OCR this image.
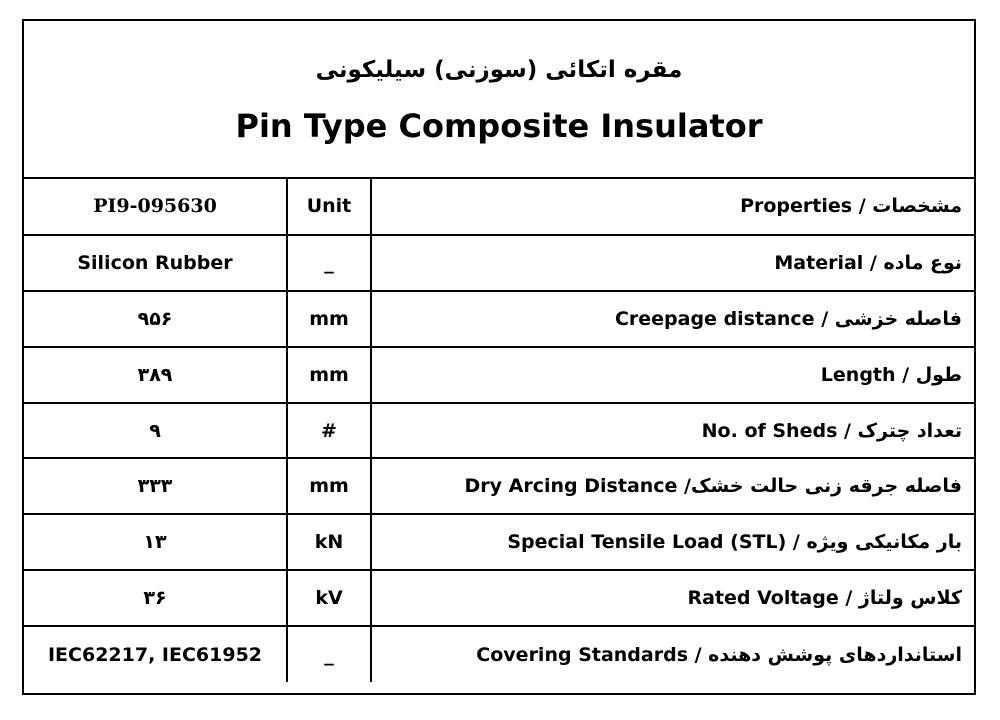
مقره اتکائی (سوزنی) سیلیکونی
Pin Type Composite Insulator
PI9-095630	Unit	مشخصات / Properties
Silicon Rubber	_	نوع ماده / Material
۹۵۶	mm	فاصله خزشی / Creepage distance
۳۸۹	mm	طول / Length
۹	#	تعداد چترک / No. of Sheds
۳۳۳	mm	فاصله جرقه زنی حالت خشک/ Dry Arcing Distance
۱۳	kN	بار مکانیکی ویژه / (STL) Special Tensile Load
۳۶	kV	کلاس ولتاژ / Rated Voltage
IEC62217, IEC61952	_	استانداردهای پوشش دهنده / Covering Standards
